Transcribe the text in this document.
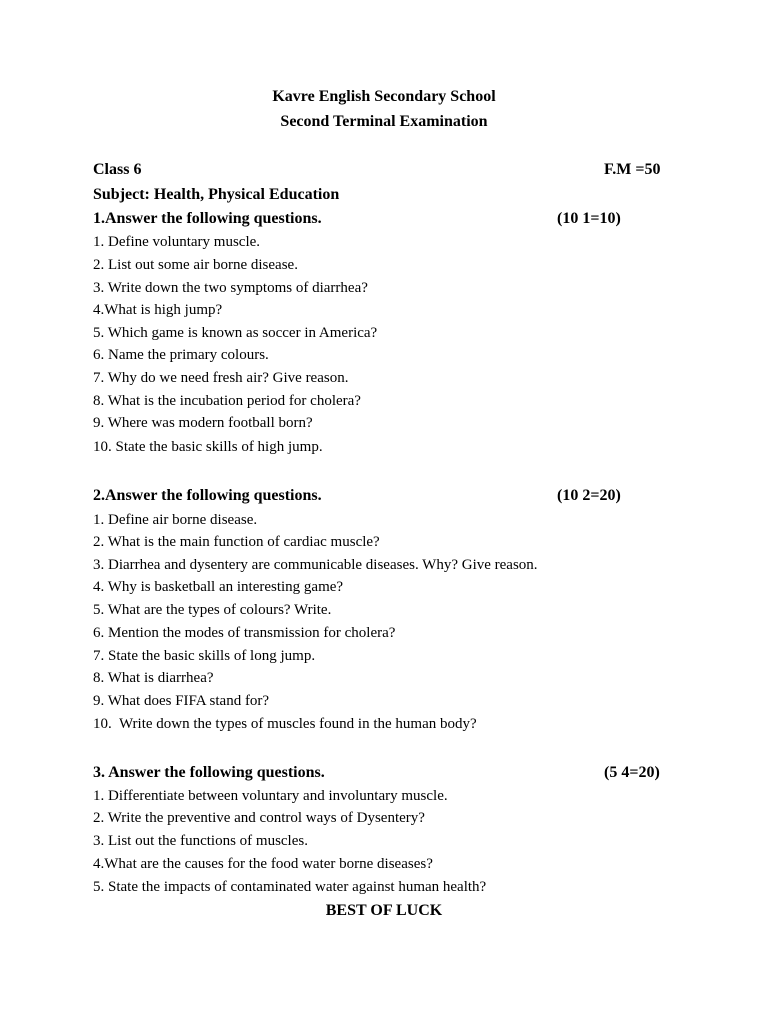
Kavre English Secondary School
Second Terminal Examination
Class 6	F.M =50
Subject: Health, Physical Education
1.Answer the following questions.	(10 1=10)
1. Define voluntary muscle.
2. List out some air borne disease.
3. Write down the two symptoms of diarrhea?
4.What is high jump?
5. Which game is known as soccer in America?
6. Name the primary colours.
7. Why do we need fresh air? Give reason.
8. What is the incubation period for cholera?
9. Where was modern football born?
10. State the basic skills of high jump.
2.Answer the following questions.	(10 2=20)
1. Define air borne disease.
2. What is the main function of cardiac muscle?
3. Diarrhea and dysentery are communicable diseases. Why? Give reason.
4. Why is basketball an interesting game?
5. What are the types of colours? Write.
6. Mention the modes of transmission for cholera?
7. State the basic skills of long jump.
8. What is diarrhea?
9. What does FIFA stand for?
10.  Write down the types of muscles found in the human body?
3. Answer the following questions.	(5 4=20)
1. Differentiate between voluntary and involuntary muscle.
2. Write the preventive and control ways of Dysentery?
3. List out the functions of muscles.
4.What are the causes for the food water borne diseases?
5. State the impacts of contaminated water against human health?
BEST OF LUCK
